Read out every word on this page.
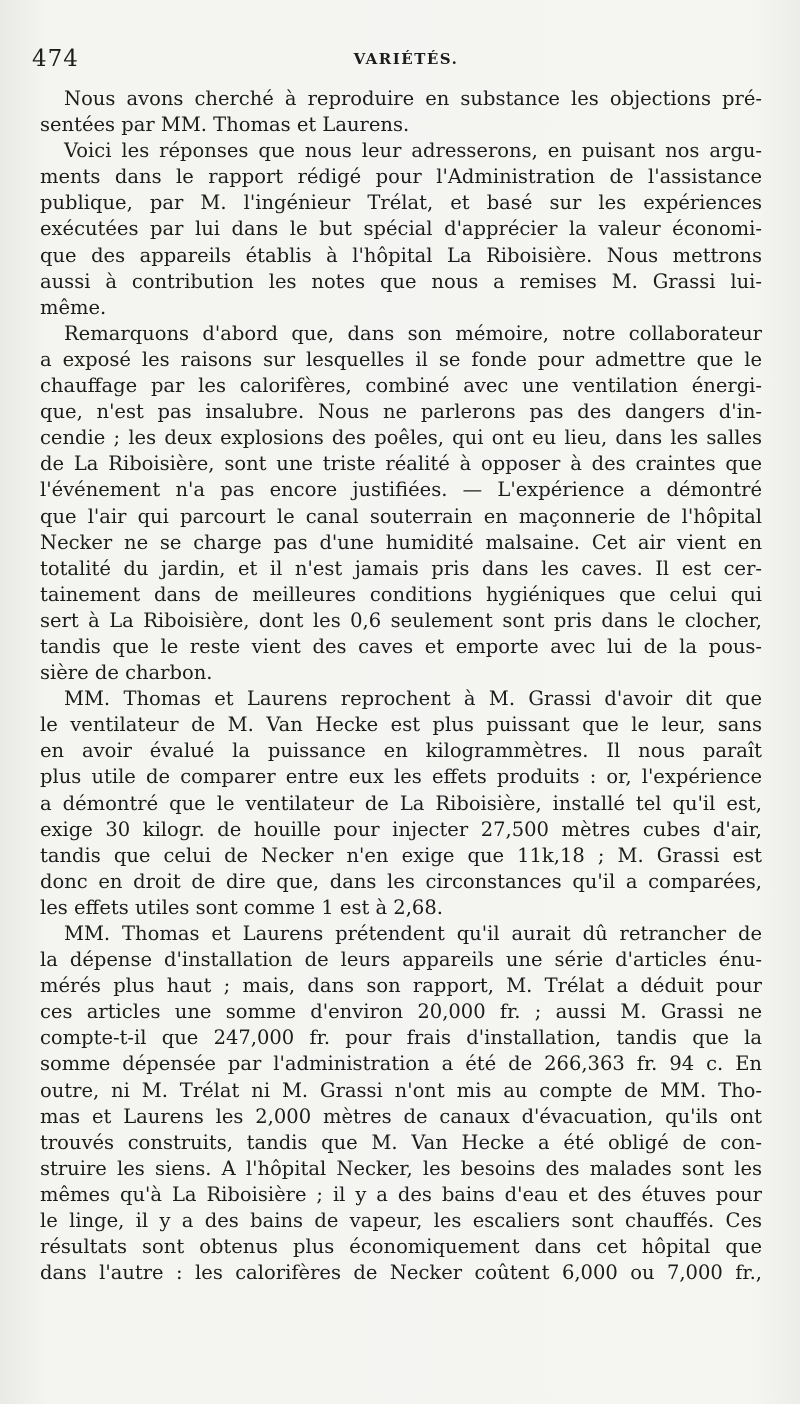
474	VARIÉTÉS.
Nous avons cherché à reproduire en substance les objections pré-
sentées par MM. Thomas et Laurens.
Voici les réponses que nous leur adresserons, en puisant nos argu-
ments dans le rapport rédigé pour l'Administration de l'assistance
publique, par M. l'ingénieur Trélat, et basé sur les expériences
exécutées par lui dans le but spécial d'apprécier la valeur économi-
que des appareils établis à l'hôpital La Riboisière. Nous mettrons
aussi à contribution les notes que nous a remises M. Grassi lui-
même.
Remarquons d'abord que, dans son mémoire, notre collaborateur
a exposé les raisons sur lesquelles il se fonde pour admettre que le
chauffage par les calorifères, combiné avec une ventilation énergi-
que, n'est pas insalubre. Nous ne parlerons pas des dangers d'in-
cendie ; les deux explosions des poêles, qui ont eu lieu, dans les salles
de La Riboisière, sont une triste réalité à opposer à des craintes que
l'événement n'a pas encore justifiées. — L'expérience a démontré
que l'air qui parcourt le canal souterrain en maçonnerie de l'hôpital
Necker ne se charge pas d'une humidité malsaine. Cet air vient en
totalité du jardin, et il n'est jamais pris dans les caves. Il est cer-
tainement dans de meilleures conditions hygiéniques que celui qui
sert à La Riboisière, dont les 0,6 seulement sont pris dans le clocher,
tandis que le reste vient des caves et emporte avec lui de la pous-
sière de charbon.
MM. Thomas et Laurens reprochent à M. Grassi d'avoir dit que
le ventilateur de M. Van Hecke est plus puissant que le leur, sans
en avoir évalué la puissance en kilogrammètres. Il nous paraît
plus utile de comparer entre eux les effets produits : or, l'expérience
a démontré que le ventilateur de La Riboisière, installé tel qu'il est,
exige 30 kilogr. de houille pour injecter 27,500 mètres cubes d'air,
tandis que celui de Necker n'en exige que 11k,18 ; M. Grassi est
donc en droit de dire que, dans les circonstances qu'il a comparées,
les effets utiles sont comme 1 est à 2,68.
MM. Thomas et Laurens prétendent qu'il aurait dû retrancher de
la dépense d'installation de leurs appareils une série d'articles énu-
mérés plus haut ; mais, dans son rapport, M. Trélat a déduit pour
ces articles une somme d'environ 20,000 fr. ; aussi M. Grassi ne
compte-t-il que 247,000 fr. pour frais d'installation, tandis que la
somme dépensée par l'administration a été de 266,363 fr. 94 c. En
outre, ni M. Trélat ni M. Grassi n'ont mis au compte de MM. Tho-
mas et Laurens les 2,000 mètres de canaux d'évacuation, qu'ils ont
trouvés construits, tandis que M. Van Hecke a été obligé de con-
struire les siens. A l'hôpital Necker, les besoins des malades sont les
mêmes qu'à La Riboisière ; il y a des bains d'eau et des étuves pour
le linge, il y a des bains de vapeur, les escaliers sont chauffés. Ces
résultats sont obtenus plus économiquement dans cet hôpital que
dans l'autre : les calorifères de Necker coûtent 6,000 ou 7,000 fr.,
